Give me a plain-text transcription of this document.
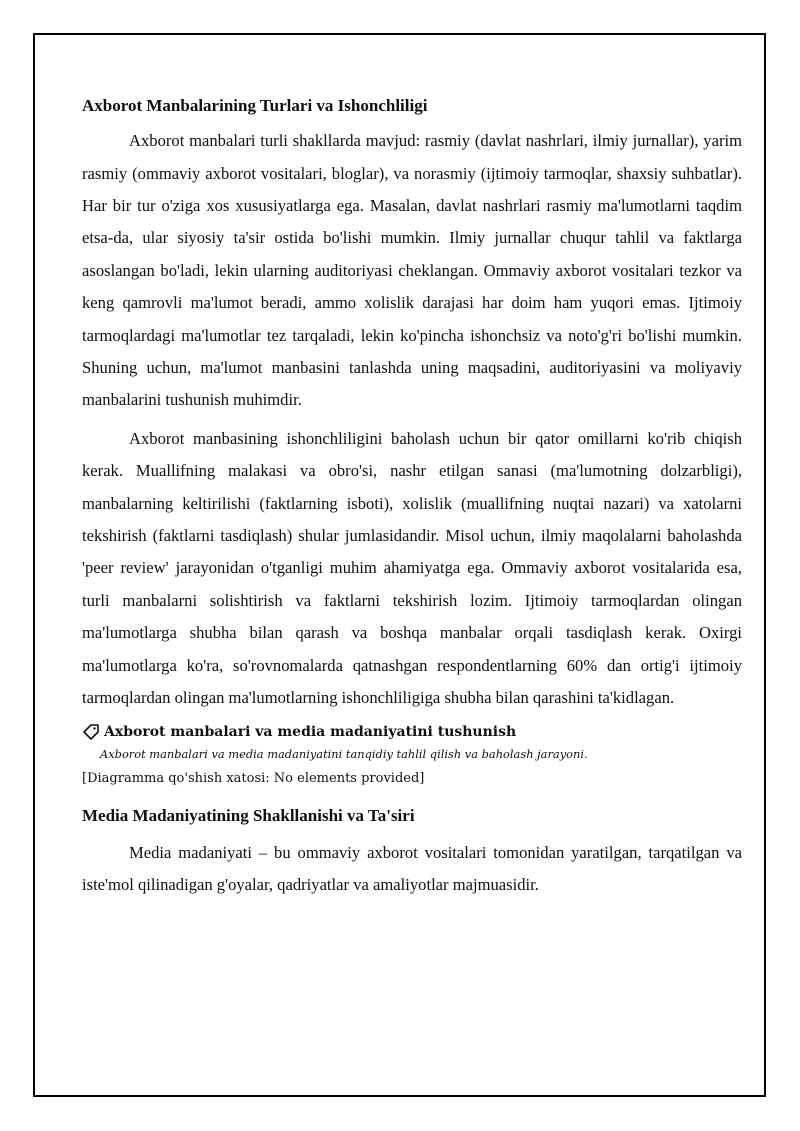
Axborot Manbalarining Turlari va Ishonchliligi

Axborot manbalari turli shakllarda mavjud: rasmiy (davlat nashrlari, ilmiy jurnallar), yarim rasmiy (ommaviy axborot vositalari, bloglar), va norasmiy (ijtimoiy tarmoqlar, shaxsiy suhbatlar). Har bir tur o'ziga xos xususiyatlarga ega. Masalan, davlat nashrlari rasmiy ma'lumotlarni taqdim etsa-da, ular siyosiy ta'sir ostida bo'lishi mumkin. Ilmiy jurnallar chuqur tahlil va faktlarga asoslangan bo'ladi, lekin ularning auditoriyasi cheklangan. Ommaviy axborot vositalari tezkor va keng qamrovli ma'lumot beradi, ammo xolislik darajasi har doim ham yuqori emas. Ijtimoiy tarmoqlardagi ma'lumotlar tez tarqaladi, lekin ko'pincha ishonchsiz va noto'g'ri bo'lishi mumkin. Shuning uchun, ma'lumot manbasini tanlashda uning maqsadini, auditoriyasini va moliyaviy manbalarini tushunish muhimdir.

Axborot manbasining ishonchliligini baholash uchun bir qator omillarni ko'rib chiqish kerak. Muallifning malakasi va obro'si, nashr etilgan sanasi (ma'lumotning dolzarbligi), manbalarning keltirilishi (faktlarning isboti), xolislik (muallifning nuqtai nazari) va xatolarni tekshirish (faktlarni tasdiqlash) shular jumlasidandir. Misol uchun, ilmiy maqolalarni baholashda 'peer review' jarayonidan o'tganligi muhim ahamiyatga ega. Ommaviy axborot vositalarida esa, turli manbalarni solishtirish va faktlarni tekshirish lozim. Ijtimoiy tarmoqlardan olingan ma'lumotlarga shubha bilan qarash va boshqa manbalar orqali tasdiqlash kerak. Oxirgi ma'lumotlarga ko'ra, so'rovnomalarda qatnashgan respondentlarning 60% dan ortig'i ijtimoiy tarmoqlardan olingan ma'lumotlarning ishonchliligiga shubha bilan qarashini ta'kidlagan.

Axborot manbalari va media madaniyatini tushunish
Axborot manbalari va media madaniyatini tanqidiy tahlil qilish va baholash jarayoni.
[Diagramma qo'shish xatosi: No elements provided]
Media Madaniyatining Shakllanishi va Ta'siri

Media madaniyati – bu ommaviy axborot vositalari tomonidan yaratilgan, tarqatilgan va iste'mol qilinadigan g'oyalar, qadriyatlar va amaliyotlar majmuasidir.
